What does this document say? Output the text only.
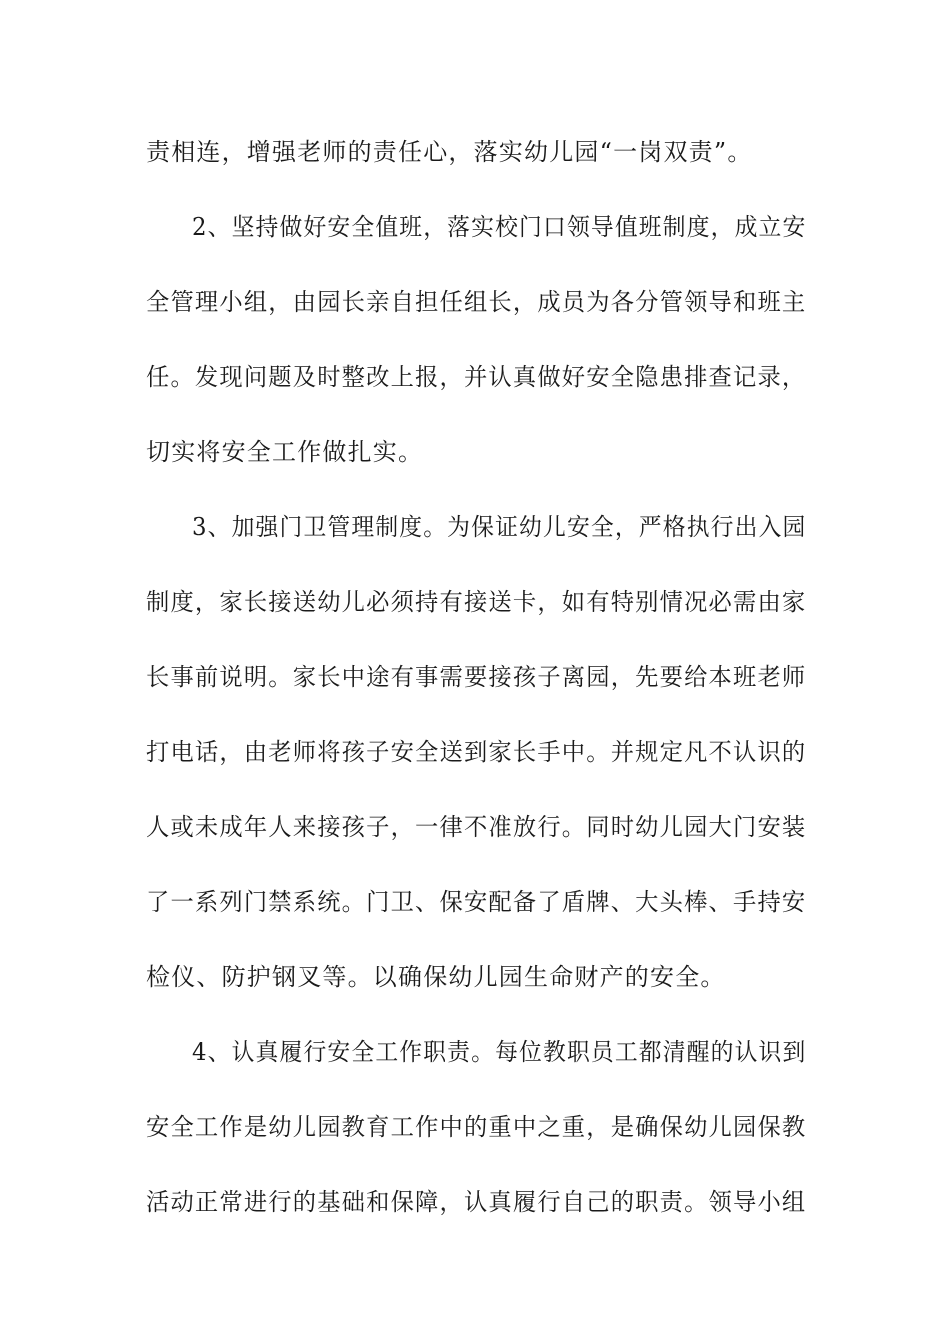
责相连，增强老师的责任心，落实幼儿园“一岗双责”。
2、坚持做好安全值班，落实校门口领导值班制度，成立安
全管理小组，由园长亲自担任组长，成员为各分管领导和班主
任。发现问题及时整改上报，并认真做好安全隐患排查记录，
切实将安全工作做扎实。
3、加强门卫管理制度。为保证幼儿安全，严格执行出入园
制度，家长接送幼儿必须持有接送卡，如有特别情况必需由家
长事前说明。家长中途有事需要接孩子离园，先要给本班老师
打电话，由老师将孩子安全送到家长手中。并规定凡不认识的
人或未成年人来接孩子，一律不准放行。同时幼儿园大门安装
了一系列门禁系统。门卫、保安配备了盾牌、大头棒、手持安
检仪、防护钢叉等。以确保幼儿园生命财产的安全。
4、认真履行安全工作职责。每位教职员工都清醒的认识到
安全工作是幼儿园教育工作中的重中之重，是确保幼儿园保教
活动正常进行的基础和保障，认真履行自己的职责。领导小组
